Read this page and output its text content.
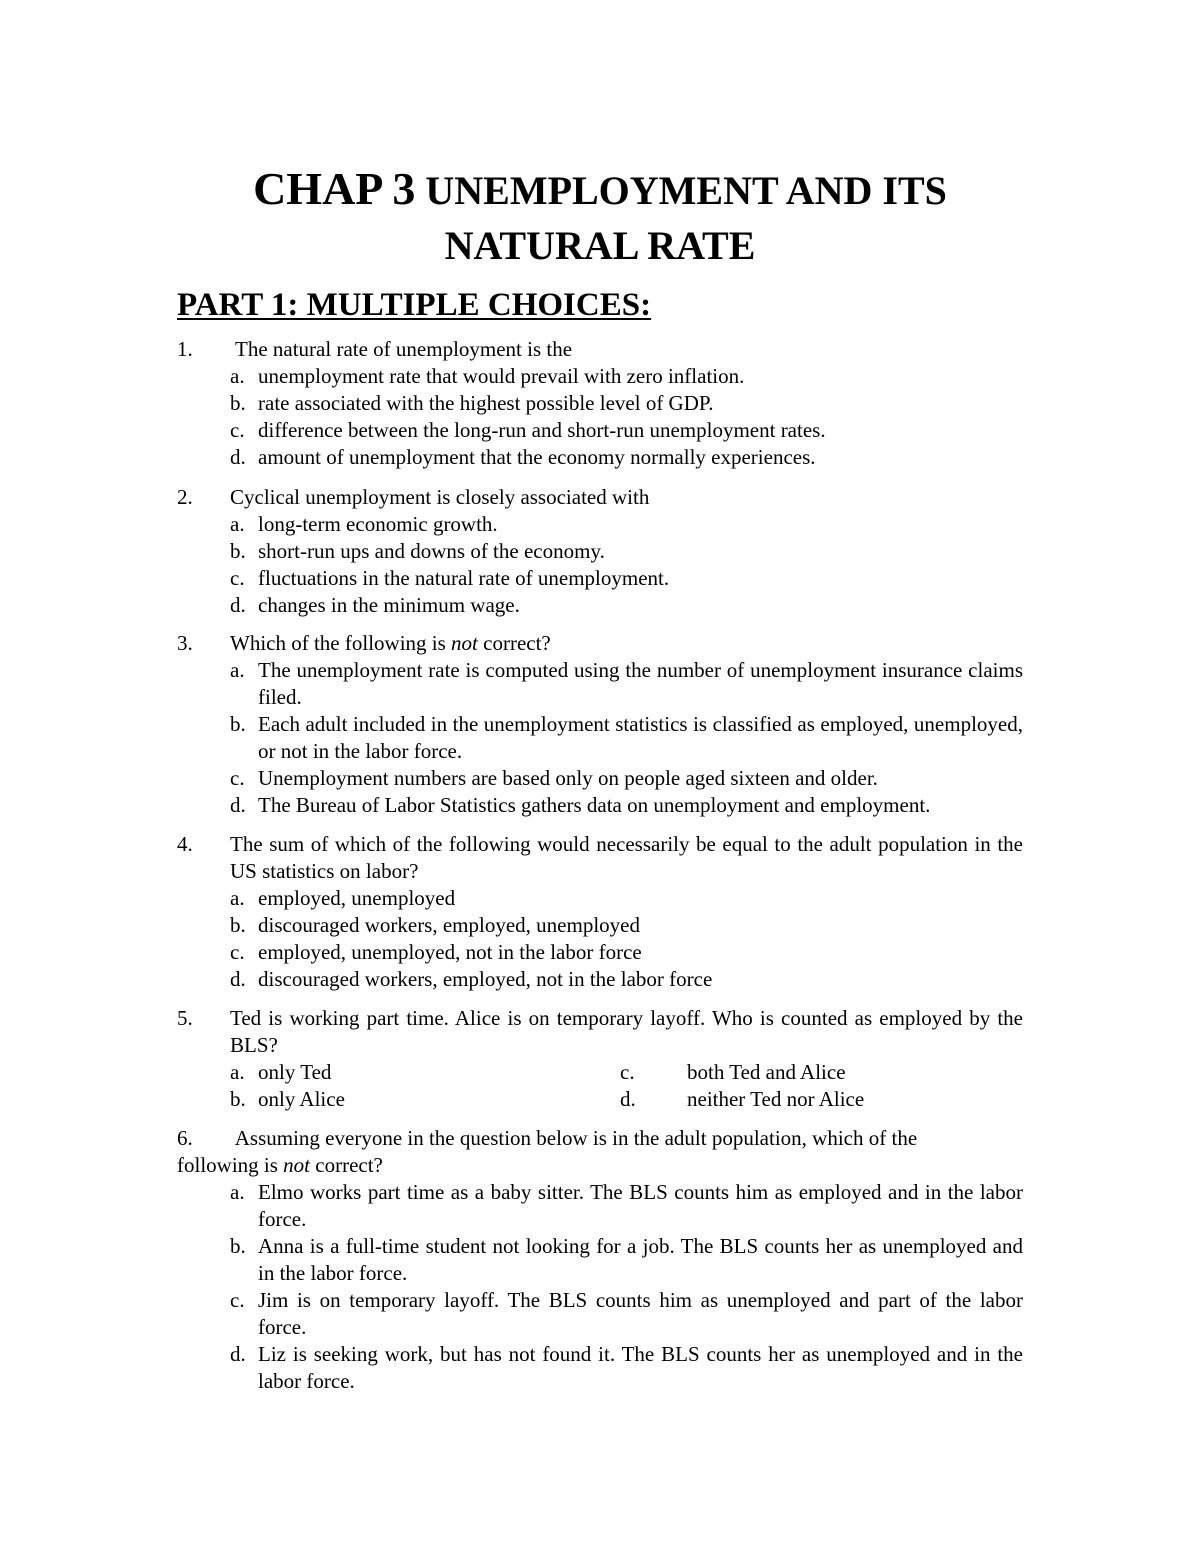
CHAP 3 UNEMPLOYMENT AND ITS
NATURAL RATE
PART 1: MULTIPLE CHOICES:
1. The natural rate of unemployment is the
a. unemployment rate that would prevail with zero inflation.
b. rate associated with the highest possible level of GDP.
c. difference between the long-run and short-run unemployment rates.
d. amount of unemployment that the economy normally experiences.
2. Cyclical unemployment is closely associated with
a. long-term economic growth.
b. short-run ups and downs of the economy.
c. fluctuations in the natural rate of unemployment.
d. changes in the minimum wage.
3. Which of the following is not correct?
a. The unemployment rate is computed using the number of unemployment insurance claims filed.
b. Each adult included in the unemployment statistics is classified as employed, unemployed, or not in the labor force.
c. Unemployment numbers are based only on people aged sixteen and older.
d. The Bureau of Labor Statistics gathers data on unemployment and employment.
4. The sum of which of the following would necessarily be equal to the adult population in the US statistics on labor?
a. employed, unemployed
b. discouraged workers, employed, unemployed
c. employed, unemployed, not in the labor force
d. discouraged workers, employed, not in the labor force
5. Ted is working part time. Alice is on temporary layoff. Who is counted as employed by the BLS?
a. only Ted	c. both Ted and Alice
b. only Alice	d. neither Ted nor Alice
6. Assuming everyone in the question below is in the adult population, which of the
following is not correct?
a. Elmo works part time as a baby sitter. The BLS counts him as employed and in the labor force.
b. Anna is a full-time student not looking for a job. The BLS counts her as unemployed and in the labor force.
c. Jim is on temporary layoff. The BLS counts him as unemployed and part of the labor force.
d. Liz is seeking work, but has not found it. The BLS counts her as unemployed and in the labor force.
